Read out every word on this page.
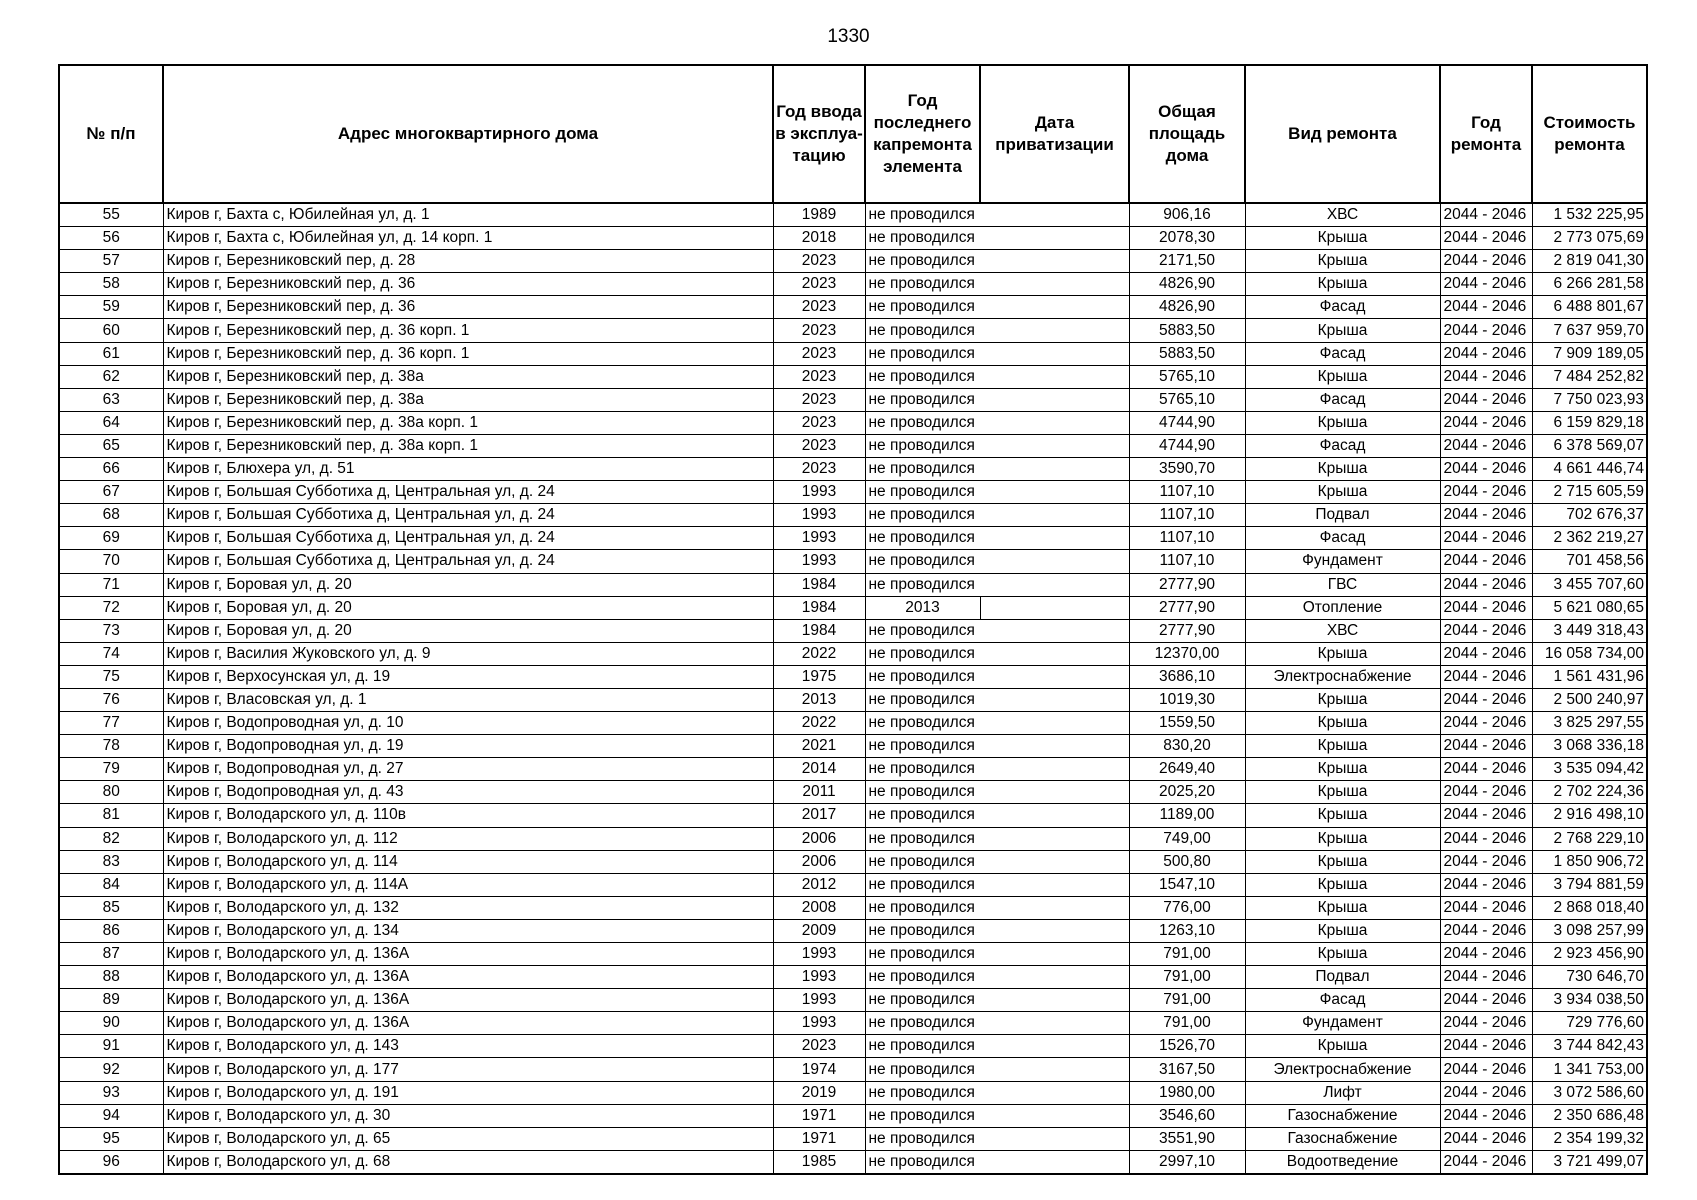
1330
№ п/п	Адрес многоквартирного дома	Год ввода в эксплуа-тацию	Год последнего капремонта элемента	Дата приватизации	Общая площадь дома	Вид ремонта	Год ремонта	Стоимость ремонта
55	Киров г, Бахта с, Юбилейная ул, д. 1	1989	не проводился		906,16	ХВС	2044 - 2046	1 532 225,95
56	Киров г, Бахта с, Юбилейная ул, д. 14 корп. 1	2018	не проводился		2078,30	Крыша	2044 - 2046	2 773 075,69
57	Киров г, Березниковский пер, д. 28	2023	не проводился		2171,50	Крыша	2044 - 2046	2 819 041,30
58	Киров г, Березниковский пер, д. 36	2023	не проводился		4826,90	Крыша	2044 - 2046	6 266 281,58
59	Киров г, Березниковский пер, д. 36	2023	не проводился		4826,90	Фасад	2044 - 2046	6 488 801,67
60	Киров г, Березниковский пер, д. 36 корп. 1	2023	не проводился		5883,50	Крыша	2044 - 2046	7 637 959,70
61	Киров г, Березниковский пер, д. 36 корп. 1	2023	не проводился		5883,50	Фасад	2044 - 2046	7 909 189,05
62	Киров г, Березниковский пер, д. 38а	2023	не проводился		5765,10	Крыша	2044 - 2046	7 484 252,82
63	Киров г, Березниковский пер, д. 38а	2023	не проводился		5765,10	Фасад	2044 - 2046	7 750 023,93
64	Киров г, Березниковский пер, д. 38а корп. 1	2023	не проводился		4744,90	Крыша	2044 - 2046	6 159 829,18
65	Киров г, Березниковский пер, д. 38а корп. 1	2023	не проводился		4744,90	Фасад	2044 - 2046	6 378 569,07
66	Киров г, Блюхера ул, д. 51	2023	не проводился		3590,70	Крыша	2044 - 2046	4 661 446,74
67	Киров г, Большая Субботиха д, Центральная ул, д. 24	1993	не проводился		1107,10	Крыша	2044 - 2046	2 715 605,59
68	Киров г, Большая Субботиха д, Центральная ул, д. 24	1993	не проводился		1107,10	Подвал	2044 - 2046	702 676,37
69	Киров г, Большая Субботиха д, Центральная ул, д. 24	1993	не проводился		1107,10	Фасад	2044 - 2046	2 362 219,27
70	Киров г, Большая Субботиха д, Центральная ул, д. 24	1993	не проводился		1107,10	Фундамент	2044 - 2046	701 458,56
71	Киров г, Боровая ул, д. 20	1984	не проводился		2777,90	ГВС	2044 - 2046	3 455 707,60
72	Киров г, Боровая ул, д. 20	1984	2013		2777,90	Отопление	2044 - 2046	5 621 080,65
73	Киров г, Боровая ул, д. 20	1984	не проводился		2777,90	ХВС	2044 - 2046	3 449 318,43
74	Киров г, Василия Жуковского ул, д. 9	2022	не проводился		12370,00	Крыша	2044 - 2046	16 058 734,00
75	Киров г, Верхосунская ул, д. 19	1975	не проводился		3686,10	Электроснабжение	2044 - 2046	1 561 431,96
76	Киров г, Власовская ул, д. 1	2013	не проводился		1019,30	Крыша	2044 - 2046	2 500 240,97
77	Киров г, Водопроводная ул, д. 10	2022	не проводился		1559,50	Крыша	2044 - 2046	3 825 297,55
78	Киров г, Водопроводная ул, д. 19	2021	не проводился		830,20	Крыша	2044 - 2046	3 068 336,18
79	Киров г, Водопроводная ул, д. 27	2014	не проводился		2649,40	Крыша	2044 - 2046	3 535 094,42
80	Киров г, Водопроводная ул, д. 43	2011	не проводился		2025,20	Крыша	2044 - 2046	2 702 224,36
81	Киров г, Володарского ул, д. 110в	2017	не проводился		1189,00	Крыша	2044 - 2046	2 916 498,10
82	Киров г, Володарского ул, д. 112	2006	не проводился		749,00	Крыша	2044 - 2046	2 768 229,10
83	Киров г, Володарского ул, д. 114	2006	не проводился		500,80	Крыша	2044 - 2046	1 850 906,72
84	Киров г, Володарского ул, д. 114А	2012	не проводился		1547,10	Крыша	2044 - 2046	3 794 881,59
85	Киров г, Володарского ул, д. 132	2008	не проводился		776,00	Крыша	2044 - 2046	2 868 018,40
86	Киров г, Володарского ул, д. 134	2009	не проводился		1263,10	Крыша	2044 - 2046	3 098 257,99
87	Киров г, Володарского ул, д. 136А	1993	не проводился		791,00	Крыша	2044 - 2046	2 923 456,90
88	Киров г, Володарского ул, д. 136А	1993	не проводился		791,00	Подвал	2044 - 2046	730 646,70
89	Киров г, Володарского ул, д. 136А	1993	не проводился		791,00	Фасад	2044 - 2046	3 934 038,50
90	Киров г, Володарского ул, д. 136А	1993	не проводился		791,00	Фундамент	2044 - 2046	729 776,60
91	Киров г, Володарского ул, д. 143	2023	не проводился		1526,70	Крыша	2044 - 2046	3 744 842,43
92	Киров г, Володарского ул, д. 177	1974	не проводился		3167,50	Электроснабжение	2044 - 2046	1 341 753,00
93	Киров г, Володарского ул, д. 191	2019	не проводился		1980,00	Лифт	2044 - 2046	3 072 586,60
94	Киров г, Володарского ул, д. 30	1971	не проводился		3546,60	Газоснабжение	2044 - 2046	2 350 686,48
95	Киров г, Володарского ул, д. 65	1971	не проводился		3551,90	Газоснабжение	2044 - 2046	2 354 199,32
96	Киров г, Володарского ул, д. 68	1985	не проводился		2997,10	Водоотведение	2044 - 2046	3 721 499,07
